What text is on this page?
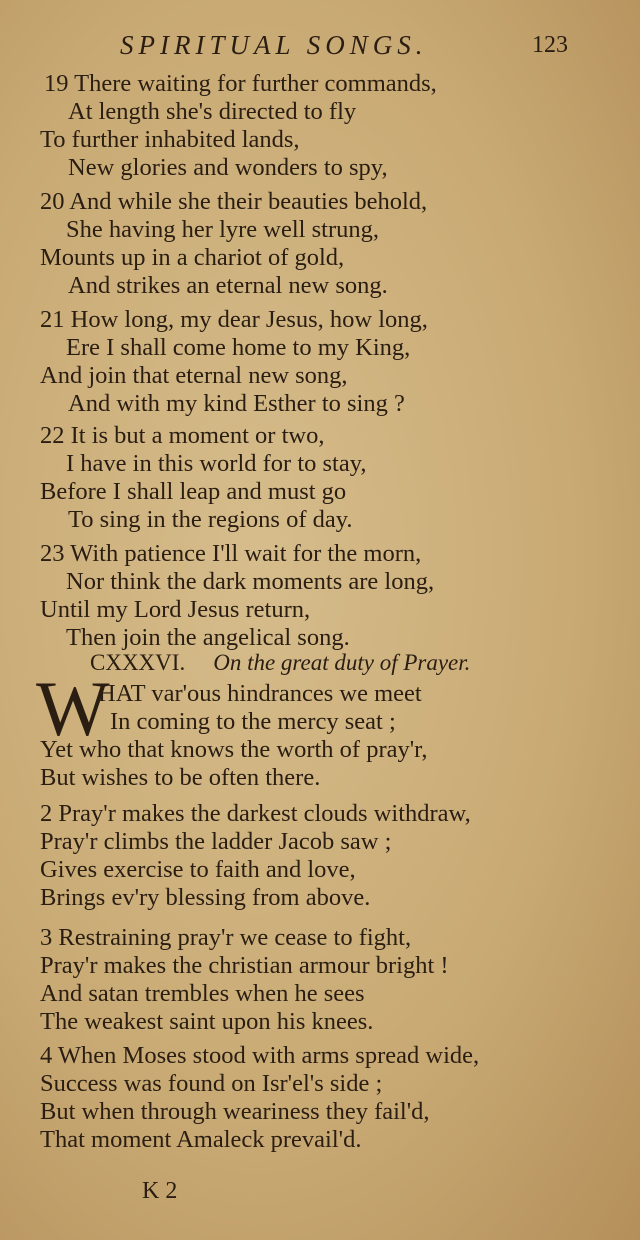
SPIRITUAL SONGS.	123
19 There waiting for further commands,
At length she's directed to fly
To further inhabited lands,
New glories and wonders to spy,
20 And while she their beauties behold,
She having her lyre well strung,
Mounts up in a chariot of gold,
And strikes an eternal new song.
21 How long, my dear Jesus, how long,
Ere I shall come home to my King,
And join that eternal new song,
And with my kind Esther to sing ?
22 It is but a moment or two,
I have in this world for to stay,
Before I shall leap and must go
To sing in the regions of day.
23 With patience I'll wait for the morn,
Nor think the dark moments are long,
Until my Lord Jesus return,
Then join the angelical song.
CXXXVI. On the great duty of Prayer.
W
HAT var'ous hindrances we meet
In coming to the mercy seat ;
Yet who that knows the worth of pray'r,
But wishes to be often there.
2 Pray'r makes the darkest clouds withdraw,
Pray'r climbs the ladder Jacob saw ;
Gives exercise to faith and love,
Brings ev'ry blessing from above.
3 Restraining pray'r we cease to fight,
Pray'r makes the christian armour bright !
And satan trembles when he sees
The weakest saint upon his knees.
4 When Moses stood with arms spread wide,
Success was found on Isr'el's side ;
But when through weariness they fail'd,
That moment Amaleck prevail'd.
K 2
